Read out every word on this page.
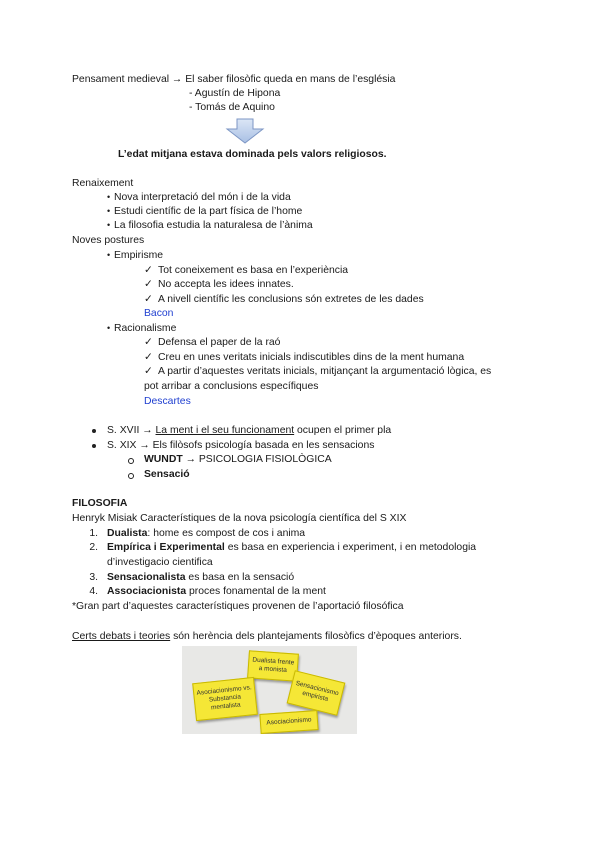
Pensament medieval → El saber filosòfic queda en mans de l’església
- Agustín de Hipona
- Tomás de Aquino
L’edat mitjana estava dominada pels valors religiosos.
Renaixement
• Nova interpretació del món i de la vida
• Estudi científic de la part física de l’home
• La filosofia estudia la naturalesa de l’ànima
Noves postures
• Empirisme
✓ Tot coneixement es basa en l’experiència
✓ No accepta les idees innates.
✓ A nivell científic les conclusions són extretes de les dades
Bacon
• Racionalisme
✓ Defensa el paper de la raó
✓ Creu en unes veritats inicials indiscutibles dins de la ment humana
✓ A partir d’aquestes veritats inicials, mitjançant la argumentació lògica, es
pot arribar a conclusions específiques
Descartes
S. XVII → La ment i el seu funcionament ocupen el primer pla
S. XIX → Els filòsofs psicología basada en les sensacions
WUNDT → PSICOLOGIA FISIOLÒGICA
Sensació
FILOSOFIA
Henryk Misiak Característiques de la nova psicología científica del S XIX
1. Dualista: home es compost de cos i anima
2. Empírica i Experimental es basa en experiencia i experiment, i en metodologia
d’investigacio cientifica
3. Sensacionalista es basa en la sensació
4. Associacionista proces fonamental de la ment
*Gran part d’aquestes característiques provenen de l’aportació filosófica
Certs debats i teories són herència dels plantejaments filosòfics d’èpoques anteriors.
Dualista frente a monista
Asociacionismo vs. Substancia mentalista
Sensacionismo empirista
Asociacionismo
